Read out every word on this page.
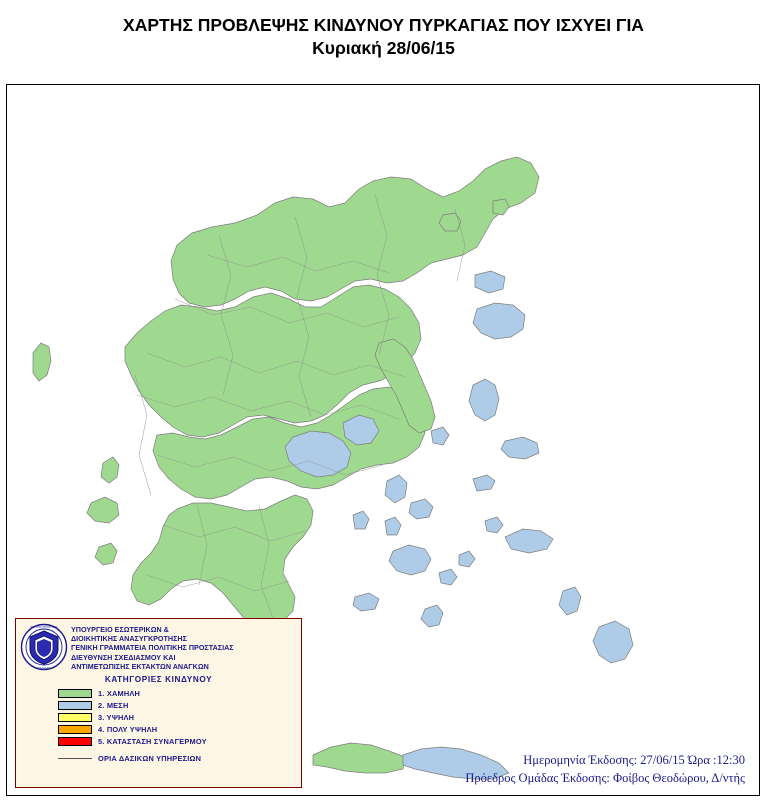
ΧΑΡΤΗΣ ΠΡΟΒΛΕΨΗΣ ΚΙΝΔΥΝΟΥ ΠΥΡΚΑΓΙΑΣ ΠΟΥ ΙΣΧΥΕΙ ΓΙΑ
Κυριακή 28/06/15
ΠΟΛΙΤΙΚΗ ΠΡΟΣΤΑΣΙΑ
ΕΛΛΑΔΑΣ
ΥΠΟΥΡΓΕΙΟ ΕΣΩΤΕΡΙΚΩΝ &
ΔΙΟΙΚΗΤΙΚΗΣ ΑΝΑΣΥΓΚΡΟΤΗΣΗΣ
ΓΕΝΙΚΗ ΓΡΑΜΜΑΤΕΙΑ ΠΟΛΙΤΙΚΗΣ ΠΡΟΣΤΑΣΙΑΣ
ΔΙΕΥΘΥΝΣΗ ΣΧΕΔΙΑΣΜΟΥ ΚΑΙ
ΑΝΤΙΜΕΤΩΠΙΣΗΣ ΕΚΤΑΚΤΩΝ ΑΝΑΓΚΩΝ
ΚΑΤΗΓΟΡΙΕΣ ΚΙΝΔΥΝΟΥ
1. ΧΑΜΗΛΗ
2. ΜΕΣΗ
3. ΥΨΗΛΗ
4. ΠΟΛΥ ΥΨΗΛΗ
5. ΚΑΤΑΣΤΑΣΗ ΣΥΝΑΓΕΡΜΟΥ
ΟΡΙΑ ΔΑΣΙΚΩΝ ΥΠΗΡΕΣΙΩΝ	Ημερομηνία Έκδοσης: 27/06/15 Ώρα :12:30
Πρόεδρος Ομάδας Έκδοσης: Φοίβος Θεοδώρου, Δ/ντής
